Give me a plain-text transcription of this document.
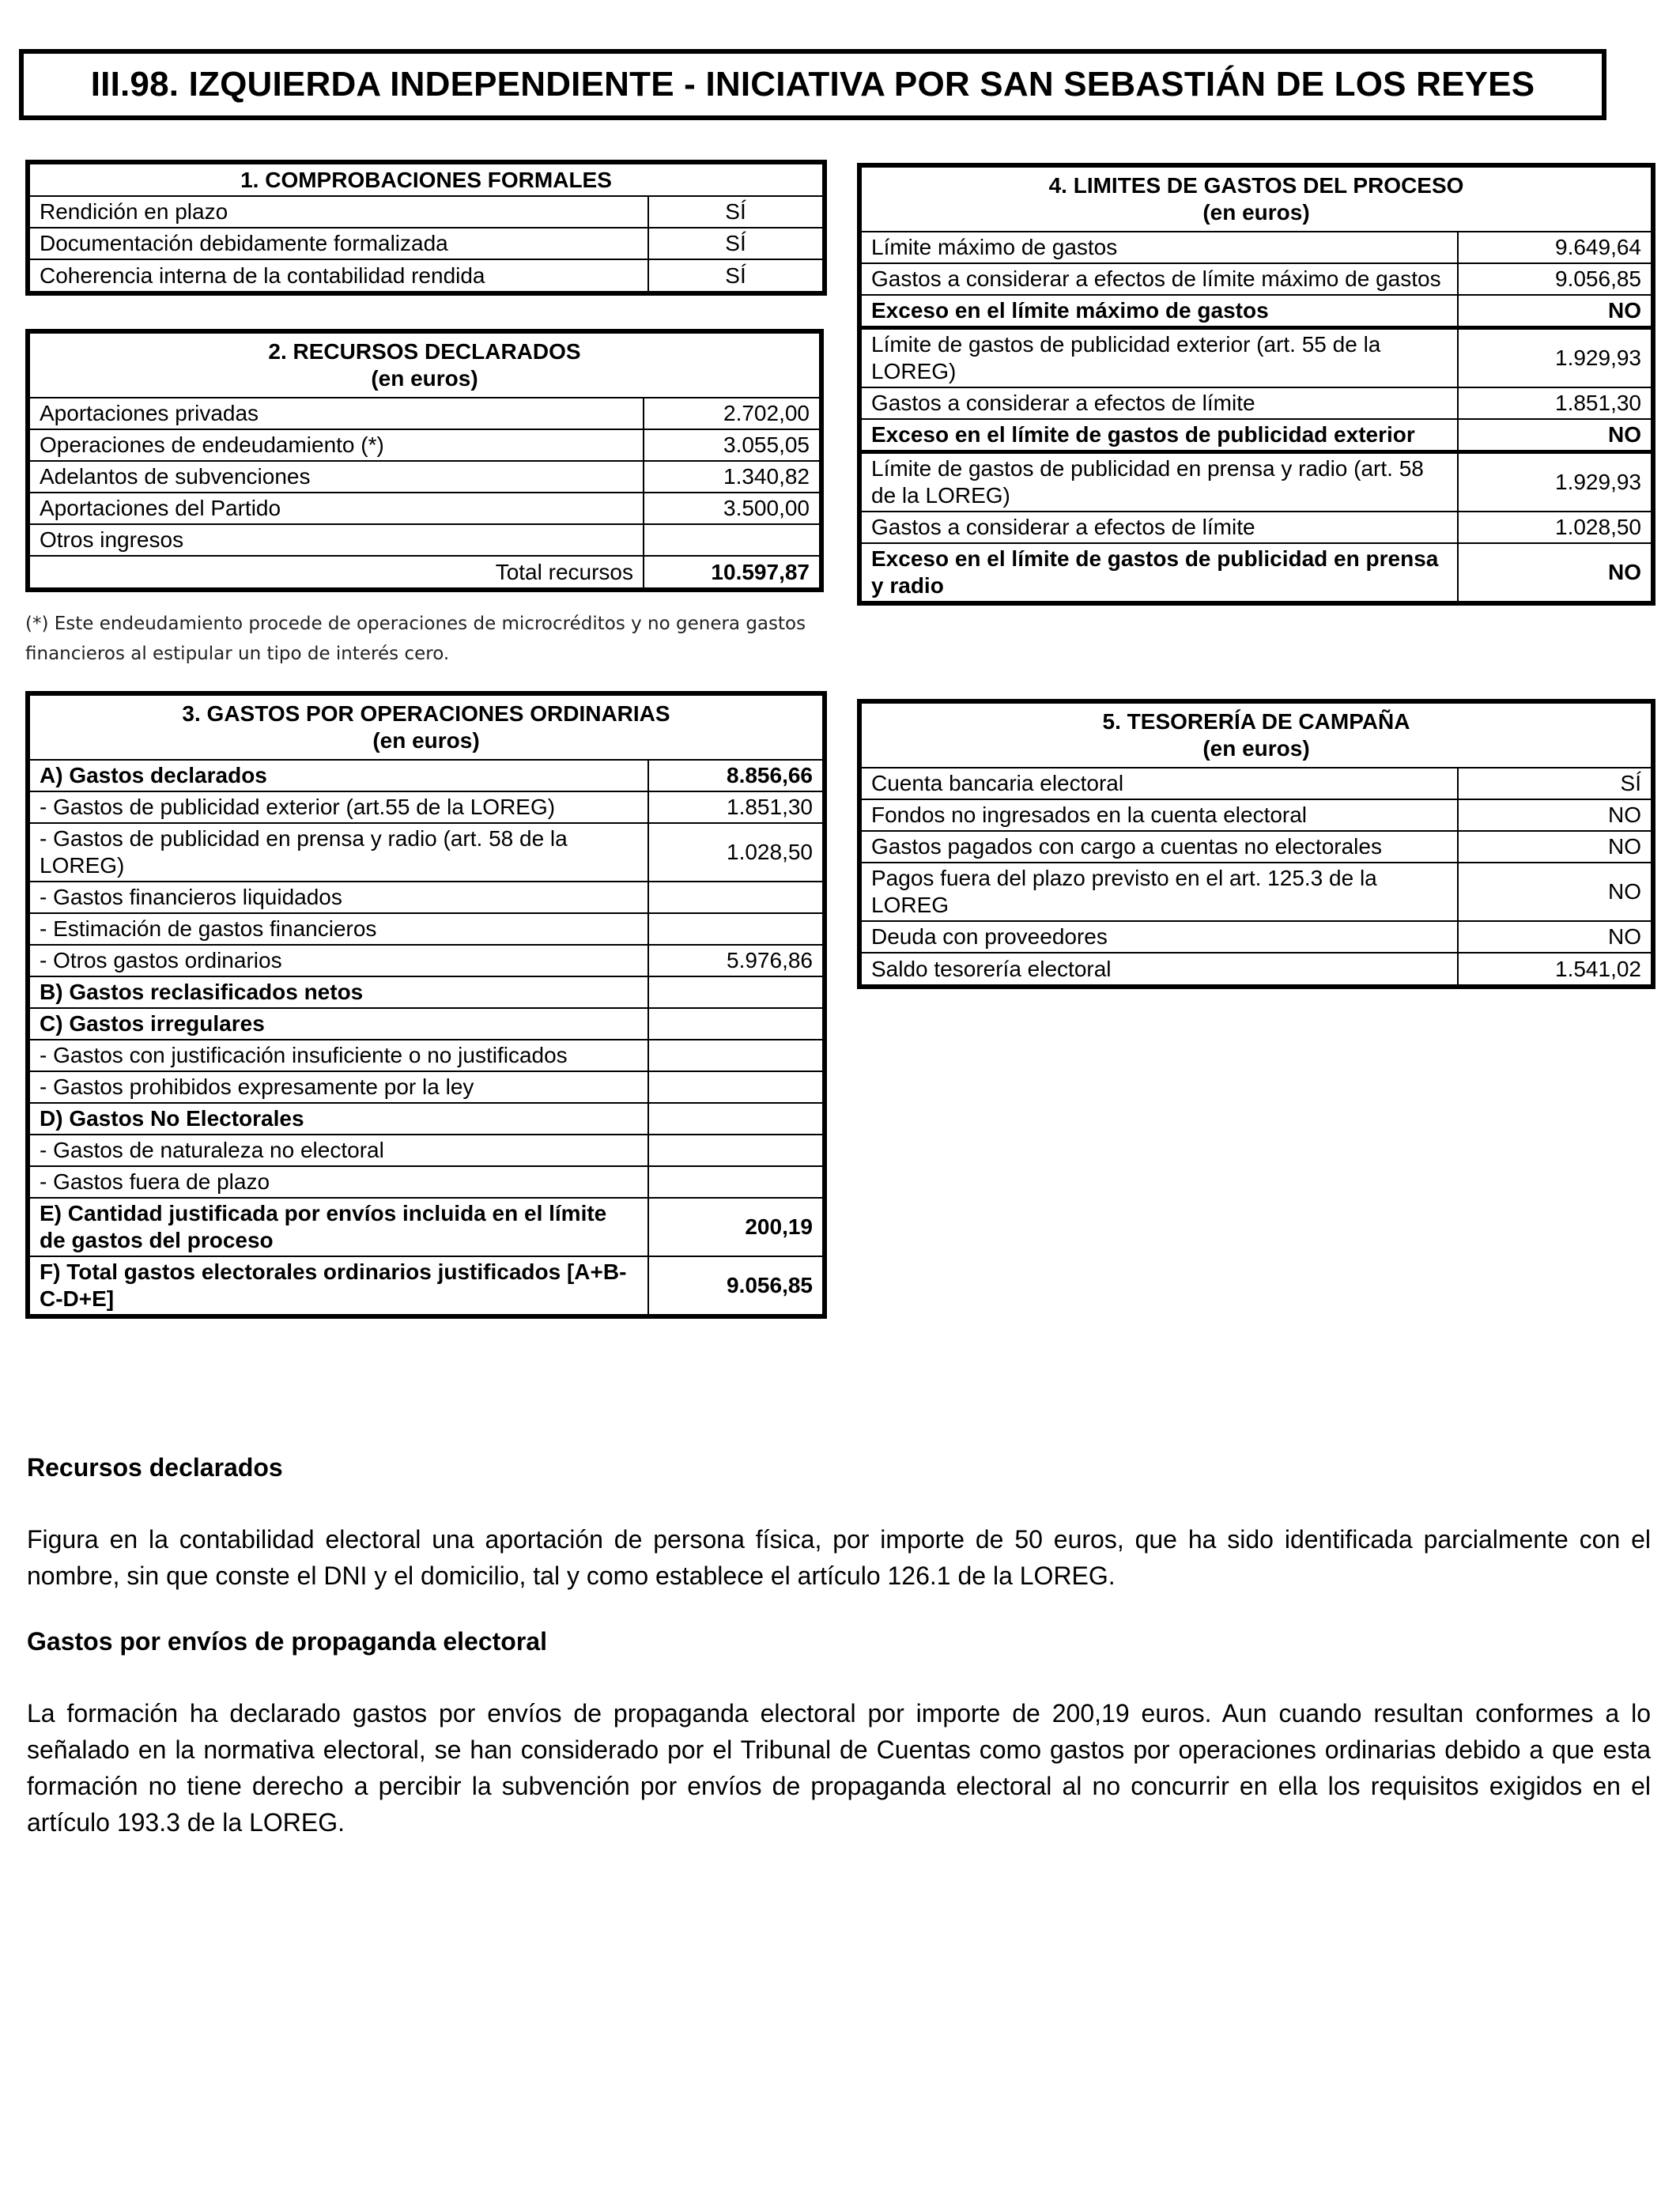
III.98. IZQUIERDA INDEPENDIENTE - INICIATIVA POR SAN SEBASTIÁN DE LOS REYES
1. COMPROBACIONES FORMALES	
Rendición en plazo	SÍ
Documentación debidamente formalizada	SÍ
Coherencia interna de la contabilidad rendida	SÍ
2. RECURSOS DECLARADOS
(en euros)	

Aportaciones privadas	2.702,00
Operaciones de endeudamiento (*)	3.055,05
Adelantos de subvenciones	1.340,82
Aportaciones del Partido	3.500,00
Otros ingresos	
Total recursos	10.597,87
(*) Este endeudamiento procede de operaciones de microcréditos y no genera gastos financieros al estipular un tipo de interés cero.
3. GASTOS POR OPERACIONES ORDINARIAS
(en euros)	

A) Gastos declarados	8.856,66
- Gastos de publicidad exterior (art.55 de la LOREG)	1.851,30
- Gastos de publicidad en prensa y radio (art. 58 de la LOREG)	1.028,50
- Gastos financieros liquidados	
- Estimación de gastos financieros	
- Otros gastos ordinarios	5.976,86
B) Gastos reclasificados netos	
C) Gastos irregulares	
- Gastos con justificación insuficiente o no justificados	
- Gastos prohibidos expresamente por la ley	
D) Gastos No Electorales	
- Gastos de naturaleza no electoral	
- Gastos fuera de plazo	
E) Cantidad justificada por envíos incluida en el límite de gastos del proceso	200,19
F) Total gastos electorales ordinarios justificados [A+B-C-D+E]	9.056,85
4. LIMITES DE GASTOS DEL PROCESO
(en euros)	

Límite máximo de gastos	9.649,64
Gastos a considerar a efectos de límite máximo de gastos	9.056,85
Exceso en el límite máximo de gastos	NO
Límite de gastos de publicidad exterior (art. 55 de la LOREG)	1.929,93
Gastos a considerar a efectos de límite	1.851,30
Exceso en el límite de gastos de publicidad exterior	NO
Límite de gastos de publicidad en prensa y radio (art. 58 de la LOREG)	1.929,93
Gastos a considerar a efectos de límite	1.028,50
Exceso en el límite de gastos de publicidad en prensa y radio	NO
5. TESORERÍA DE CAMPAÑA
(en euros)	

Cuenta bancaria electoral	SÍ
Fondos no ingresados en la cuenta electoral	NO
Gastos pagados con cargo a cuentas no electorales	NO
Pagos fuera del plazo previsto en el art. 125.3 de la LOREG	NO
Deuda con proveedores	NO
Saldo tesorería electoral	1.541,02
Recursos declarados
Figura en la contabilidad electoral una aportación de persona física, por importe de 50 euros, que ha sido identificada parcialmente con el nombre, sin que conste el DNI y el domicilio, tal y como establece el artículo 126.1 de la LOREG.
Gastos por envíos de propaganda electoral
La formación ha declarado gastos por envíos de propaganda electoral por importe de 200,19 euros. Aun cuando resultan conformes a lo señalado en la normativa electoral, se han considerado por el Tribunal de Cuentas como gastos por operaciones ordinarias debido a que esta formación no tiene derecho a percibir la subvención por envíos de propaganda electoral al no concurrir en ella los requisitos exigidos en el artículo 193.3 de la LOREG.
